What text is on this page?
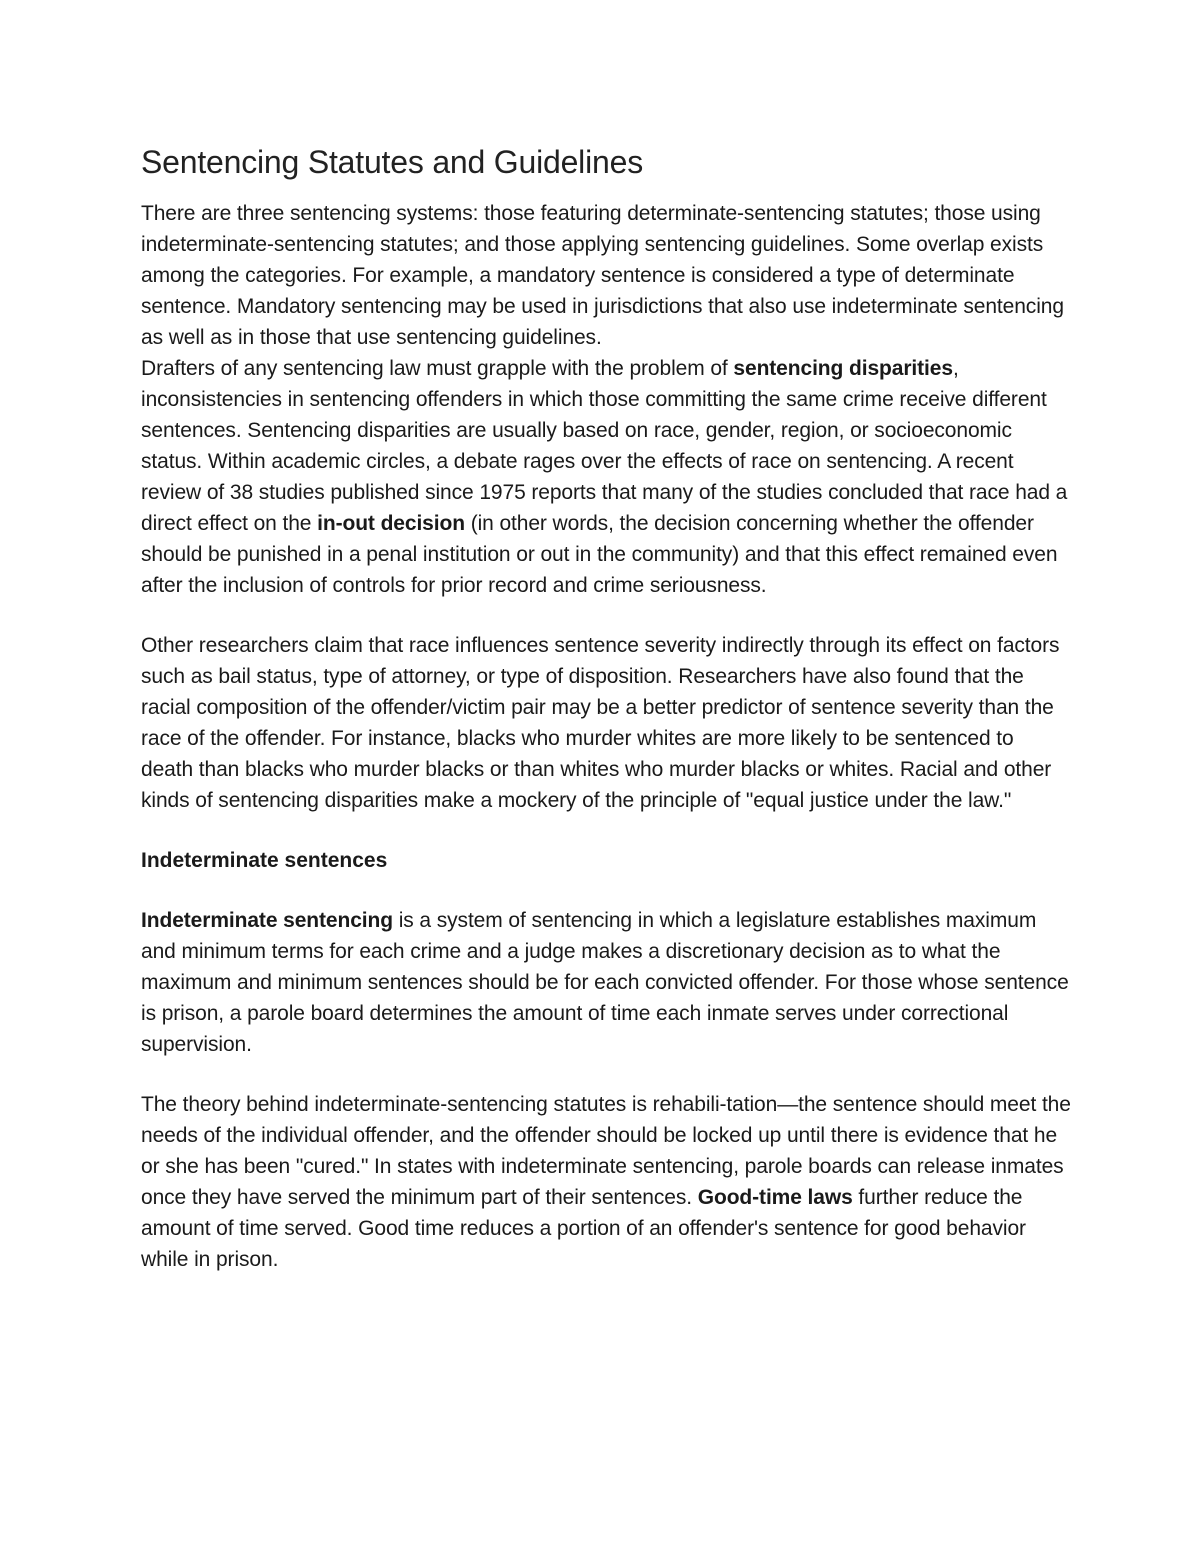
Sentencing Statutes and Guidelines

There are three sentencing systems: those featuring determinate-sentencing statutes; those using indeterminate-sentencing statutes; and those applying sentencing guidelines. Some overlap exists among the categories. For example, a mandatory sentence is considered a type of determinate sentence. Mandatory sentencing may be used in jurisdictions that also use indeterminate sentencing as well as in those that use sentencing guidelines.

Drafters of any sentencing law must grapple with the problem of sentencing disparities, inconsistencies in sentencing offenders in which those committing the same crime receive different sentences. Sentencing disparities are usually based on race, gender, region, or socioeconomic status. Within academic circles, a debate rages over the effects of race on sentencing. A recent review of 38 studies published since 1975 reports that many of the studies concluded that race had a direct effect on the in-out decision (in other words, the decision concerning whether the offender should be punished in a penal institution or out in the community) and that this effect remained even after the inclusion of controls for prior record and crime seriousness.

Other researchers claim that race influences sentence severity indirectly through its effect on factors such as bail status, type of attorney, or type of disposition. Researchers have also found that the racial composition of the offender/victim pair may be a better predictor of sentence severity than the race of the offender. For instance, blacks who murder whites are more likely to be sentenced to death than blacks who murder blacks or than whites who murder blacks or whites. Racial and other kinds of sentencing disparities make a mockery of the principle of "equal justice under the law."

Indeterminate sentences

Indeterminate sentencing is a system of sentencing in which a legislature establishes maximum and minimum terms for each crime and a judge makes a discretionary decision as to what the maximum and minimum sentences should be for each convicted offender. For those whose sentence is prison, a parole board determines the amount of time each inmate serves under correctional supervision.

The theory behind indeterminate-sentencing statutes is rehabili-tation—the sentence should meet the needs of the individual offender, and the offender should be locked up until there is evidence that he or she has been "cured." In states with indeterminate sentencing, parole boards can release inmates once they have served the minimum part of their sentences. Good-time laws further reduce the amount of time served. Good time reduces a portion of an offender's sentence for good behavior while in prison.
